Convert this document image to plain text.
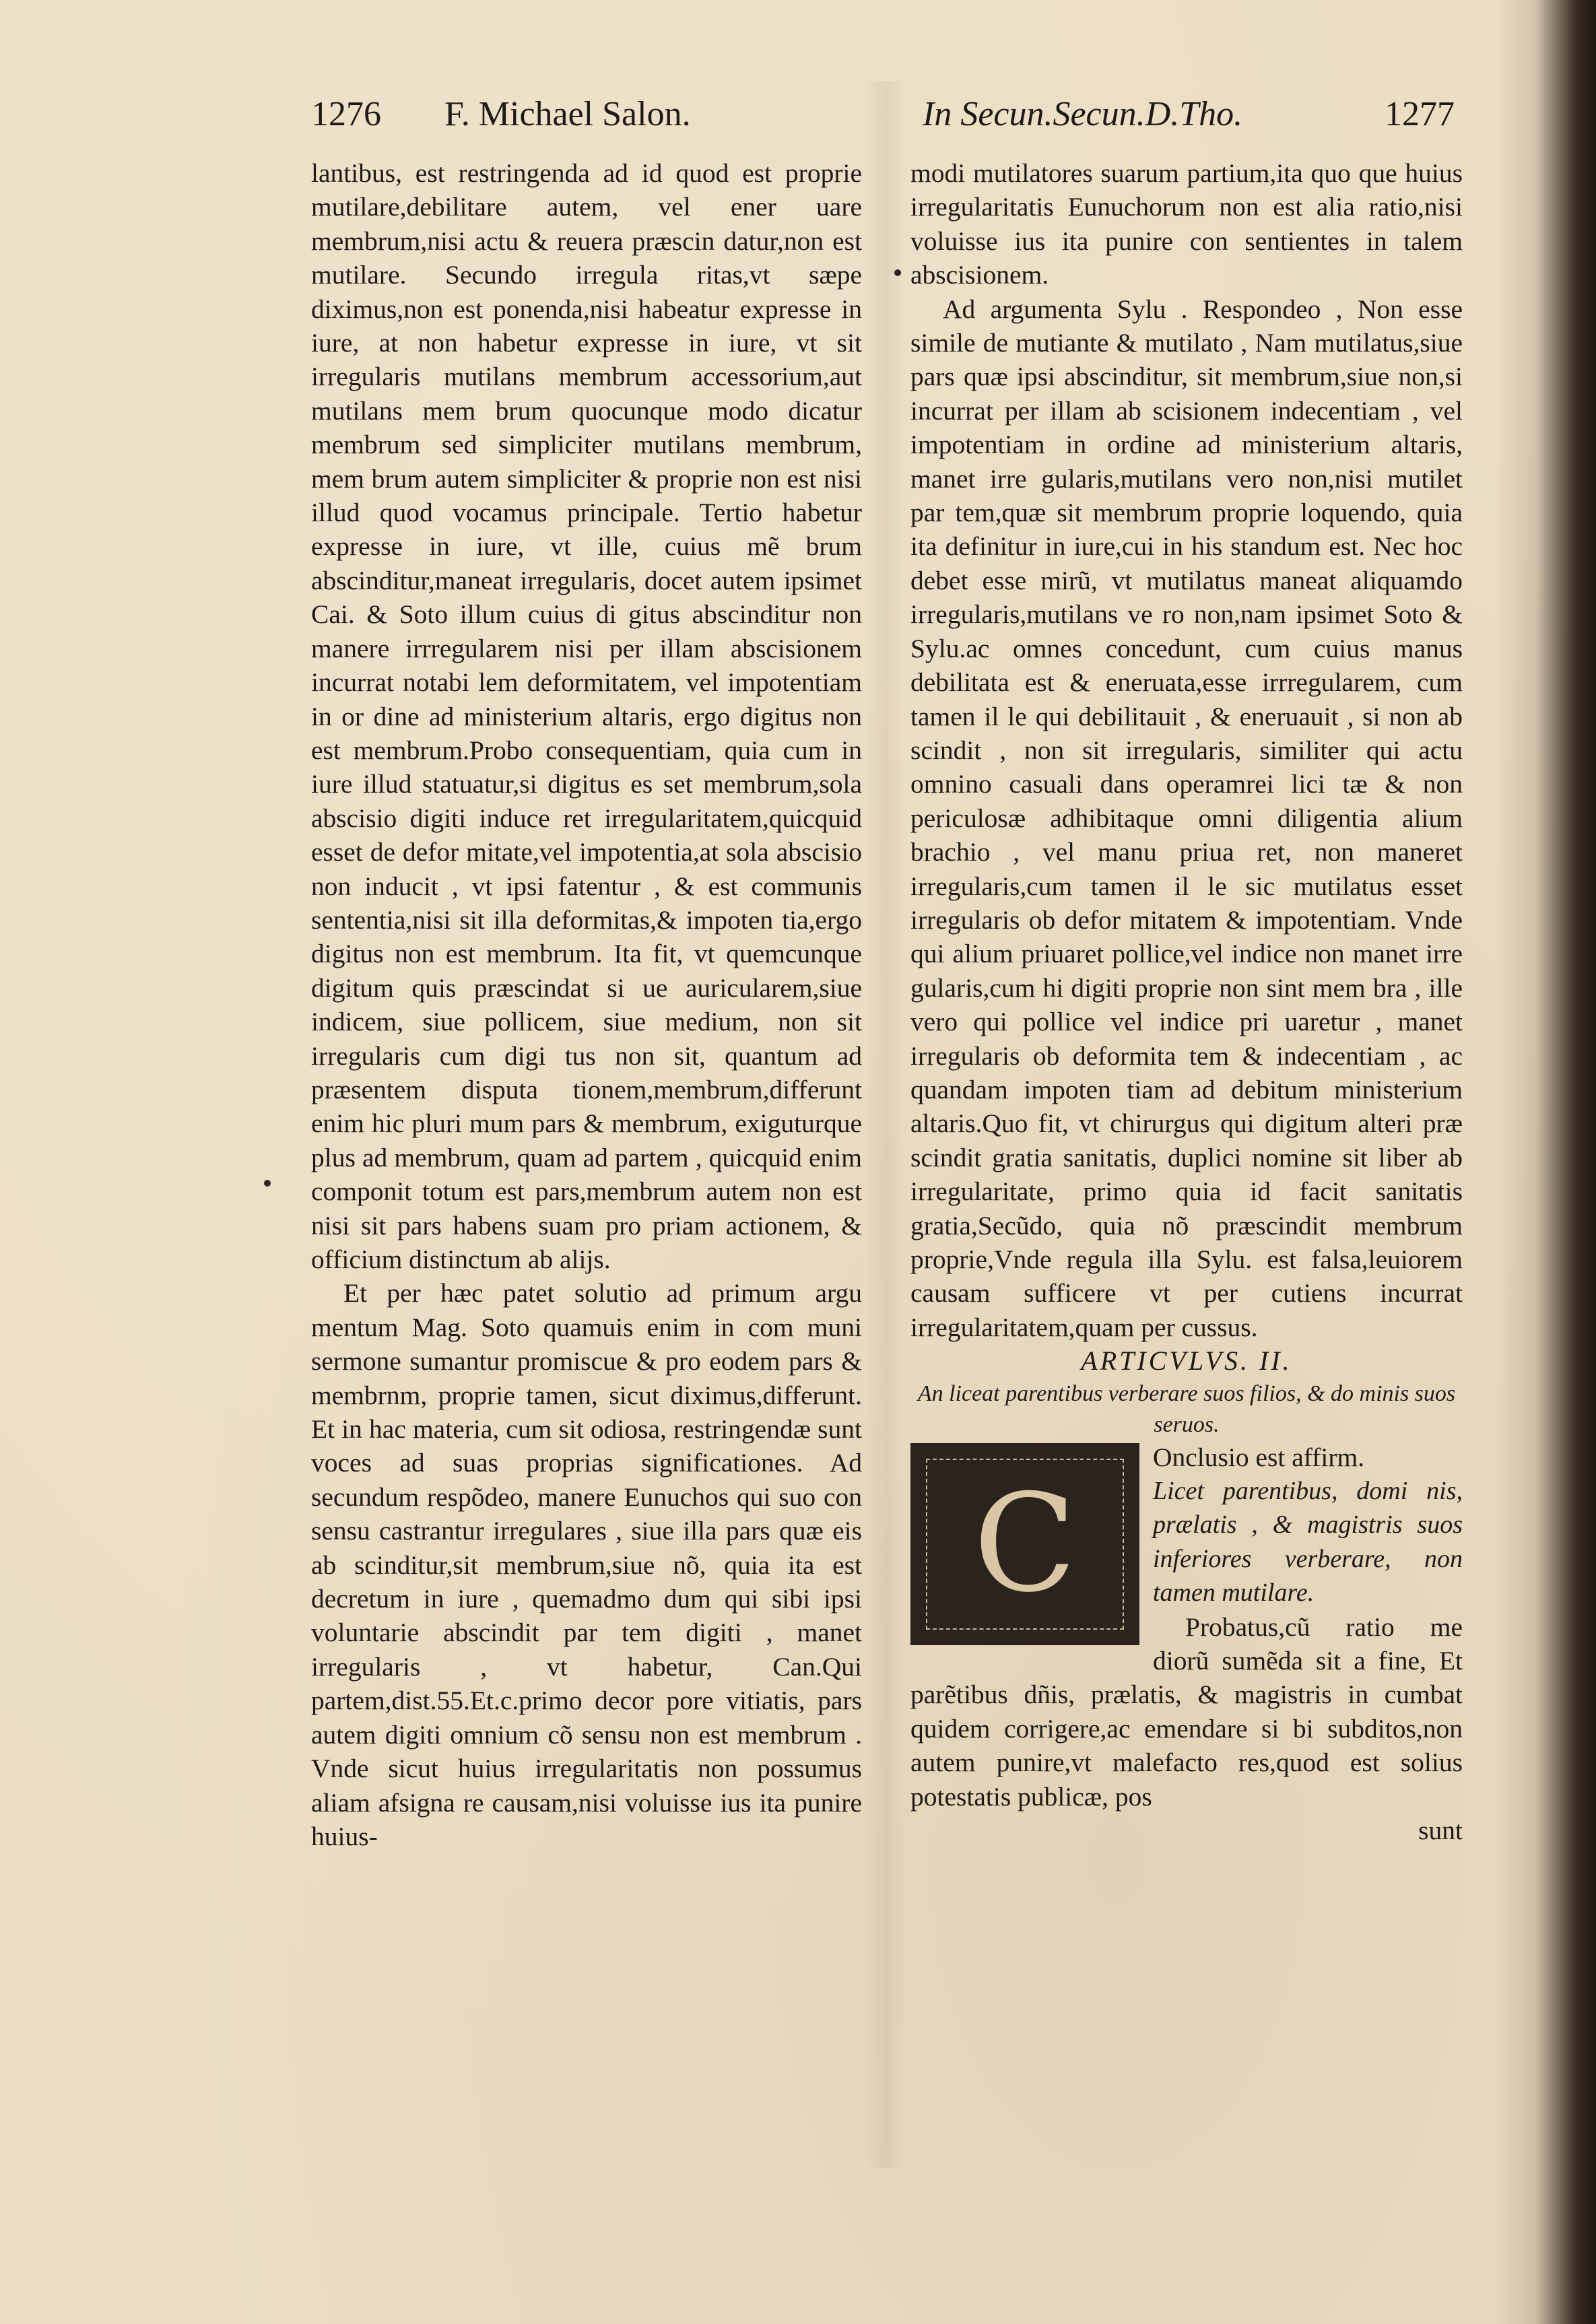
1276 F. Michael Salon.	In Secun.Secun.D.Tho.	1277

lantibus, est restringenda ad id quod est proprie mutilare,debilitare autem, vel ener uare membrum,nisi actu & reuera præscin datur,non est mutilare. Secundo irregula ritas,vt sæpe diximus,non est ponenda,nisi habeatur expresse in iure, at non habetur expresse in iure, vt sit irregularis mutilans membrum accessorium,aut mutilans mem brum quocunque modo dicatur membrum sed simpliciter mutilans membrum, mem brum autem simpliciter & proprie non est nisi illud quod vocamus principale. Tertio habetur expresse in iure, vt ille, cuius mẽ brum abscinditur,maneat irregularis, docet autem ipsimet Cai. & Soto illum cuius di gitus abscinditur non manere irrregularem nisi per illam abscisionem incurrat notabi lem deformitatem, vel impotentiam in or dine ad ministerium altaris, ergo digitus non est membrum.Probo consequentiam, quia cum in iure illud statuatur,si digitus es set membrum,sola abscisio digiti induce ret irregularitatem,quicquid esset de defor mitate,vel impotentia,at sola abscisio non inducit , vt ipsi fatentur , & est communis sententia,nisi sit illa deformitas,& impoten tia,ergo digitus non est membrum. Ita fit, vt quemcunque digitum quis præscindat si ue auricularem,siue indicem, siue pollicem, siue medium, non sit irregularis cum digi tus non sit, quantum ad præsentem disputa tionem,membrum,differunt enim hic pluri mum pars & membrum, exiguturque plus ad membrum, quam ad partem , quicquid enim componit totum est pars,membrum autem non est nisi sit pars habens suam pro priam actionem, & officium distinctum ab alijs.

Et per hæc patet solutio ad primum argu mentum Mag. Soto quamuis enim in com muni sermone sumantur promiscue & pro eodem pars & membrnm, proprie tamen, sicut diximus,differunt. Et in hac materia, cum sit odiosa, restringendæ sunt voces ad suas proprias significationes. Ad secundum respõdeo, manere Eunuchos qui suo con sensu castrantur irregulares , siue illa pars quæ eis ab scinditur,sit membrum,siue nõ, quia ita est decretum in iure , quemadmo dum qui sibi ipsi voluntarie abscindit par tem digiti , manet irregularis , vt habetur, Can.Qui partem,dist.55.Et.c.primo decor pore vitiatis, pars autem digiti omnium cõ sensu non est membrum . Vnde sicut huius irregularitatis non possumus aliam afsigna re causam,nisi voluisse ius ita punire huius-

modi mutilatores suarum partium,ita quo que huius irregularitatis Eunuchorum non est alia ratio,nisi voluisse ius ita punire con sentientes in talem abscisionem.

Ad argumenta Sylu . Respondeo , Non esse simile de mutiante & mutilato , Nam mutilatus,siue pars quæ ipsi abscinditur, sit membrum,siue non,si incurrat per illam ab scisionem indecentiam , vel impotentiam in ordine ad ministerium altaris, manet irre gularis,mutilans vero non,nisi mutilet par tem,quæ sit membrum proprie loquendo, quia ita definitur in iure,cui in his standum est. Nec hoc debet esse mirũ, vt mutilatus maneat aliquamdo irregularis,mutilans ve ro non,nam ipsimet Soto & Sylu.ac omnes concedunt, cum cuius manus debilitata est & eneruata,esse irrregularem, cum tamen il le qui debilitauit , & eneruauit , si non ab scindit , non sit irregularis, similiter qui actu omnino casuali dans operamrei lici tæ & non periculosæ adhibitaque omni diligentia alium brachio , vel manu priua ret, non maneret irregularis,cum tamen il le sic mutilatus esset irregularis ob defor mitatem & impotentiam. Vnde qui alium priuaret pollice,vel indice non manet irre gularis,cum hi digiti proprie non sint mem bra , ille vero qui pollice vel indice pri uaretur , manet irregularis ob deformita tem & indecentiam , ac quandam impoten tiam ad debitum ministerium altaris.Quo fit, vt chirurgus qui digitum alteri præ scindit gratia sanitatis, duplici nomine sit liber ab irregularitate, primo quia id facit sanitatis gratia,Secũdo, quia nõ præscindit membrum proprie,Vnde regula illa Sylu. est falsa,leuiorem causam sufficere vt per cutiens incurrat irregularitatem,quam per cussus.

ARTICVLVS. II.

An liceat parentibus verberare suos filios, & do minis suos seruos.

C

Onclusio est affirm.

Licet parentibus, domi nis, prælatis , & magistris suos inferiores verberare, non tamen mutilare.

Probatus,cũ ratio me diorũ sumẽda sit a fine, Et parẽtibus dñis, prælatis, & magistris in cumbat quidem corrigere,ac emendare si bi subditos,non autem punire,vt malefacto res,quod est solius potestatis publicæ, pos

sunt
